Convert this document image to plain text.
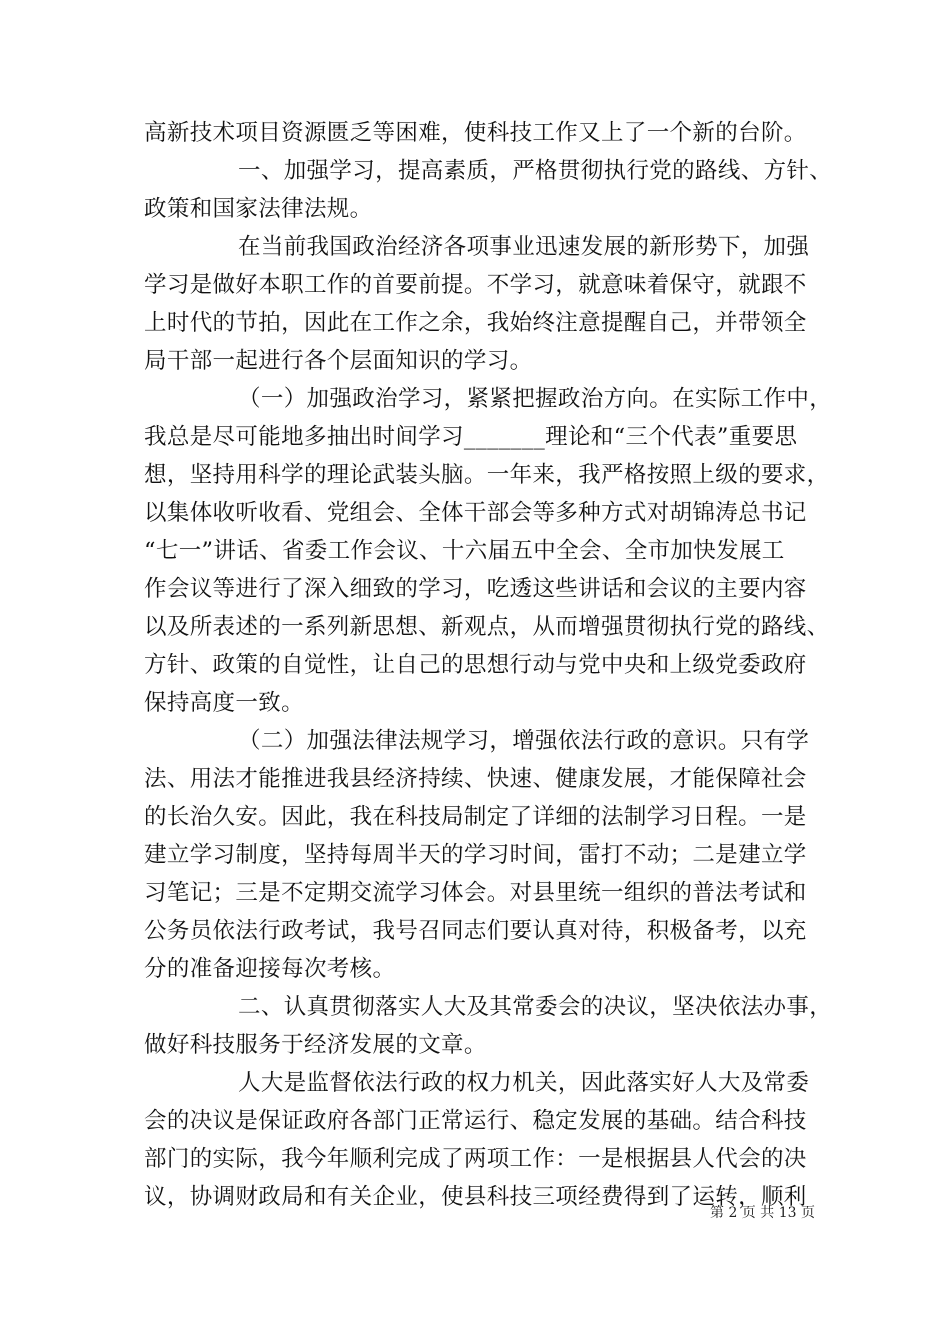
高新技术项目资源匮乏等困难，使科技工作又上了一个新的台阶。

一、加强学习，提高素质，严格贯彻执行党的路线、方针、

政策和国家法律法规。

在当前我国政治经济各项事业迅速发展的新形势下，加强

学习是做好本职工作的首要前提。不学习，就意味着保守，就跟不

上时代的节拍，因此在工作之余，我始终注意提醒自己，并带领全

局干部一起进行各个层面知识的学习。

（一）加强政治学习，紧紧把握政治方向。在实际工作中，

我总是尽可能地多抽出时间学习_______理论和“三个代表”重要思

想，坚持用科学的理论武装头脑。一年来，我严格按照上级的要求，

以集体收听收看、党组会、全体干部会等多种方式对胡锦涛总书记

“七一”讲话、省委工作会议、十六届五中全会、全市加快发展工

作会议等进行了深入细致的学习，吃透这些讲话和会议的主要内容

以及所表述的一系列新思想、新观点，从而增强贯彻执行党的路线、

方针、政策的自觉性，让自己的思想行动与党中央和上级党委政府

保持高度一致。

（二）加强法律法规学习，增强依法行政的意识。只有学

法、用法才能推进我县经济持续、快速、健康发展，才能保障社会

的长治久安。因此，我在科技局制定了详细的法制学习日程。一是

建立学习制度，坚持每周半天的学习时间，雷打不动；二是建立学

习笔记；三是不定期交流学习体会。对县里统一组织的普法考试和

公务员依法行政考试，我号召同志们要认真对待，积极备考，以充

分的准备迎接每次考核。

二、认真贯彻落实人大及其常委会的决议，坚决依法办事，

做好科技服务于经济发展的文章。

人大是监督依法行政的权力机关，因此落实好人大及常委

会的决议是保证政府各部门正常运行、稳定发展的基础。结合科技

部门的实际，我今年顺利完成了两项工作：一是根据县人代会的决

议，协调财政局和有关企业，使县科技三项经费得到了运转，顺利

第 2 页 共 13 页
